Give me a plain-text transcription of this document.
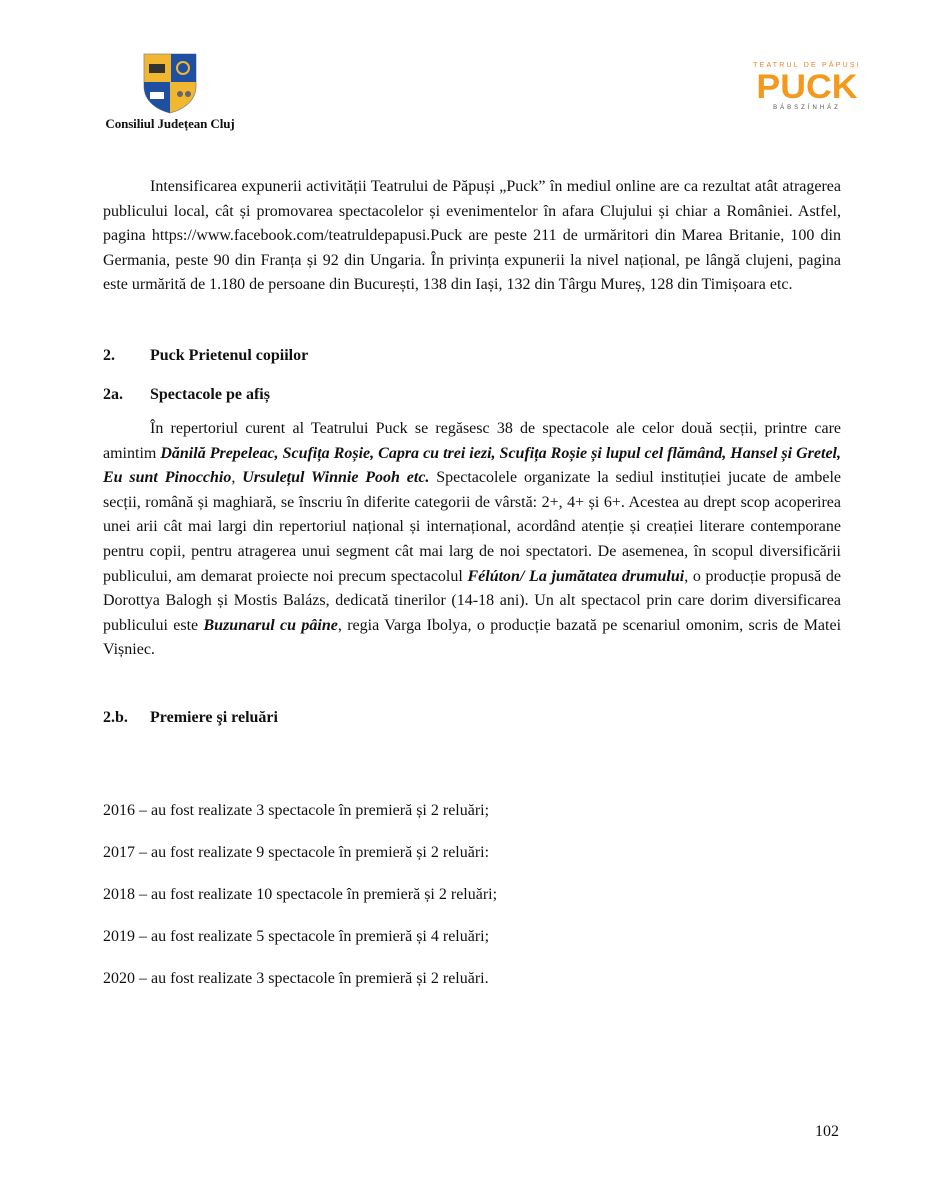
Consiliul Județean Cluj
TEATRUL DE PĂPUȘI
PUCK
BÁBSZÍNHÁZ

Intensificarea expunerii activității Teatrului de Păpuși „Puck” în mediul online are ca rezultat atât atragerea publicului local, cât și promovarea spectacolelor și evenimentelor în afara Clujului și chiar a României. Astfel, pagina https://www.facebook.com/teatruldepapusi.Puck are peste 211 de urmăritori din Marea Britanie, 100 din Germania, peste 90 din Franța și 92 din Ungaria. În privința expunerii la nivel național, pe lângă clujeni, pagina este urmărită de 1.180 de persoane din București, 138 din Iași, 132 din Târgu Mureș, 128 din Timișoara etc.

2.	Puck Prietenul copiilor
2a.	Spectacole pe afiș

În repertoriul curent al Teatrului Puck se regăsesc 38 de spectacole ale celor două secții, printre care amintim Dănilă Prepeleac, Scufița Roșie, Capra cu trei iezi, Scufița Roșie și lupul cel flămând, Hansel și Gretel, Eu sunt Pinocchio, Ursulețul Winnie Pooh etc. Spectacolele organizate la sediul instituției jucate de ambele secții, română și maghiară, se înscriu în diferite categorii de vârstă: 2+, 4+ și 6+. Acestea au drept scop acoperirea unei arii cât mai largi din repertoriul național și internațional, acordând atenție și creației literare contemporane pentru copii, pentru atragerea unui segment cât mai larg de noi spectatori. De asemenea, în scopul diversificării publicului, am demarat proiecte noi precum spectacolul Félúton/ La jumătatea drumului, o producție propusă de Dorottya Balogh și Mostis Balázs, dedicată tinerilor (14-18 ani). Un alt spectacol prin care dorim diversificarea publicului este Buzunarul cu pâine, regia Varga Ibolya, o producție bazată pe scenariul omonim, scris de Matei Vișniec.

2.b.	Premiere şi reluări
2016 – au fost realizate 3 spectacole în premieră și 2 reluări;
2017 – au fost realizate 9 spectacole în premieră și 2 reluări:
2018 – au fost realizate 10 spectacole în premieră și 2 reluări;
2019 – au fost realizate 5 spectacole în premieră și 4 reluări;
2020 – au fost realizate 3 spectacole în premieră și 2 reluări.
102
